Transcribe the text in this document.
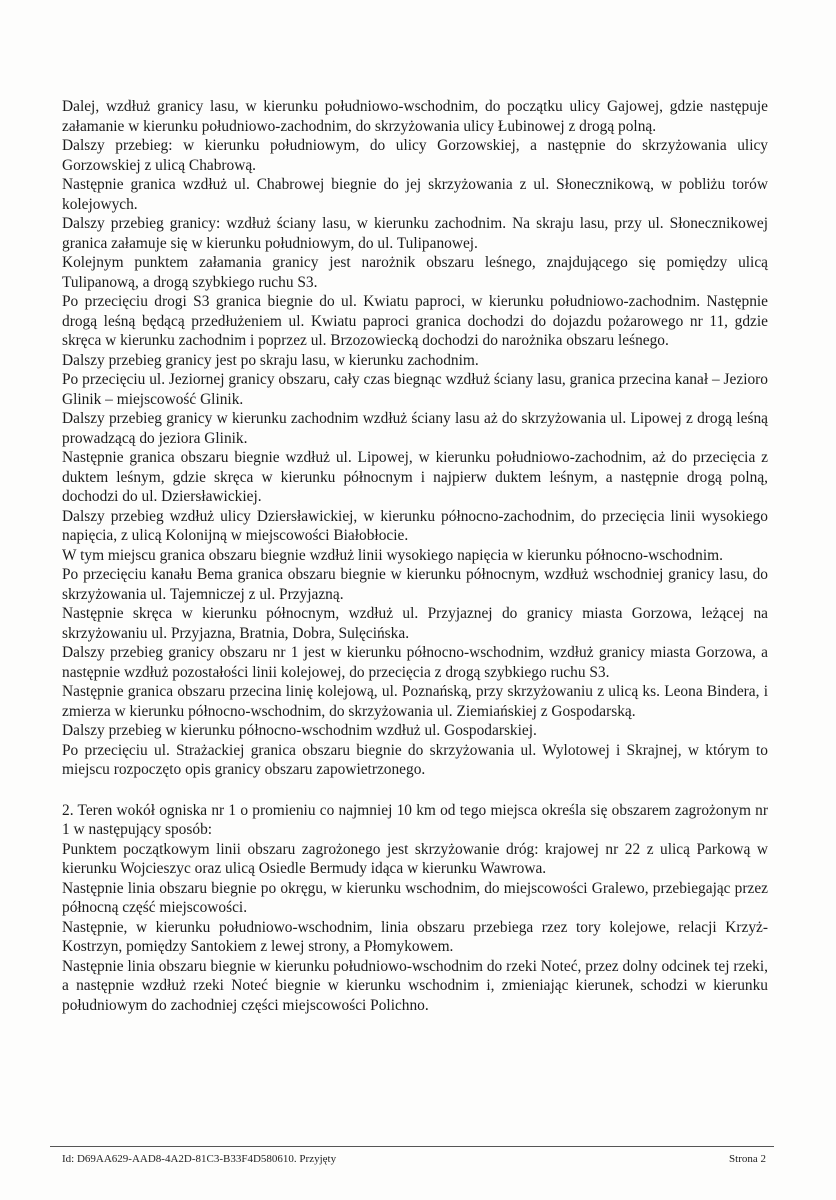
Dalej, wzdłuż granicy lasu, w kierunku południowo-wschodnim, do początku ulicy Gajowej, gdzie następuje załamanie w kierunku południowo-zachodnim, do skrzyżowania ulicy Łubinowej z drogą polną.

Dalszy przebieg: w kierunku południowym, do ulicy Gorzowskiej, a następnie do skrzyżowania ulicy Gorzowskiej z ulicą Chabrową.

Następnie granica wzdłuż ul. Chabrowej biegnie do jej skrzyżowania z ul. Słonecznikową, w pobliżu torów kolejowych.

Dalszy przebieg granicy: wzdłuż ściany lasu, w kierunku zachodnim. Na skraju lasu, przy ul. Słonecznikowej granica załamuje się w kierunku południowym, do ul. Tulipanowej.

Kolejnym punktem załamania granicy jest narożnik obszaru leśnego, znajdującego się pomiędzy ulicą Tulipanową, a drogą szybkiego ruchu S3.

Po przecięciu drogi S3 granica biegnie do ul. Kwiatu paproci, w kierunku południowo-zachodnim. Następnie drogą leśną będącą przedłużeniem ul. Kwiatu paproci granica dochodzi do dojazdu pożarowego nr 11, gdzie skręca w kierunku zachodnim i poprzez ul. Brzozowiecką dochodzi do narożnika obszaru leśnego.

Dalszy przebieg granicy jest po skraju lasu, w kierunku zachodnim.

Po przecięciu ul. Jeziornej granicy obszaru, cały czas biegnąc wzdłuż ściany lasu, granica przecina kanał – Jezioro Glinik – miejscowość Glinik.

Dalszy przebieg granicy w kierunku zachodnim wzdłuż ściany lasu aż do skrzyżowania ul. Lipowej z drogą leśną prowadzącą do jeziora Glinik.

Następnie granica obszaru biegnie wzdłuż ul. Lipowej, w kierunku południowo-zachodnim, aż do przecięcia z duktem leśnym, gdzie skręca w kierunku północnym i najpierw duktem leśnym, a następnie drogą polną, dochodzi do ul. Dziersławickiej.

Dalszy przebieg wzdłuż ulicy Dziersławickiej, w kierunku północno-zachodnim, do przecięcia linii wysokiego napięcia, z ulicą Kolonijną w miejscowości Białobłocie.

W tym miejscu granica obszaru biegnie wzdłuż linii wysokiego napięcia w kierunku północno-wschodnim.

Po przecięciu kanału Bema granica obszaru biegnie w kierunku północnym, wzdłuż wschodniej granicy lasu, do skrzyżowania ul. Tajemniczej z ul. Przyjazną.

Następnie skręca w kierunku północnym, wzdłuż ul. Przyjaznej do granicy miasta Gorzowa, leżącej na skrzyżowaniu ul. Przyjazna, Bratnia, Dobra, Sulęcińska.

Dalszy przebieg granicy obszaru nr 1 jest w kierunku północno-wschodnim, wzdłuż granicy miasta Gorzowa, a następnie wzdłuż pozostałości linii kolejowej, do przecięcia z drogą szybkiego ruchu S3.

Następnie granica obszaru przecina linię kolejową, ul. Poznańską, przy skrzyżowaniu z ulicą ks. Leona Bindera, i zmierza w kierunku północno-wschodnim, do skrzyżowania ul. Ziemiańskiej z Gospodarską.

Dalszy przebieg w kierunku północno-wschodnim wzdłuż ul. Gospodarskiej.

Po przecięciu ul. Strażackiej granica obszaru biegnie do skrzyżowania ul. Wylotowej i Skrajnej, w którym to miejscu rozpoczęto opis granicy obszaru zapowietrzonego.

2. Teren wokół ogniska nr 1 o promieniu co najmniej 10 km od tego miejsca określa się obszarem zagrożonym nr 1 w następujący sposób:

Punktem początkowym linii obszaru zagrożonego jest skrzyżowanie dróg: krajowej nr 22 z ulicą Parkową w kierunku Wojcieszyc oraz ulicą Osiedle Bermudy idąca w kierunku Wawrowa.

Następnie linia obszaru biegnie po okręgu, w kierunku wschodnim, do miejscowości Gralewo, przebiegając przez północną część miejscowości.

Następnie, w kierunku południowo-wschodnim, linia obszaru przebiega rzez tory kolejowe, relacji Krzyż-Kostrzyn, pomiędzy Santokiem z lewej strony, a Płomykowem.

Następnie linia obszaru biegnie w kierunku południowo-wschodnim do rzeki Noteć, przez dolny odcinek tej rzeki, a następnie wzdłuż rzeki Noteć biegnie w kierunku wschodnim i, zmieniając kierunek, schodzi w kierunku południowym do zachodniej części miejscowości Polichno.

Id: D69AA629-AAD8-4A2D-81C3-B33F4D580610. Przyjęty	Strona 2
